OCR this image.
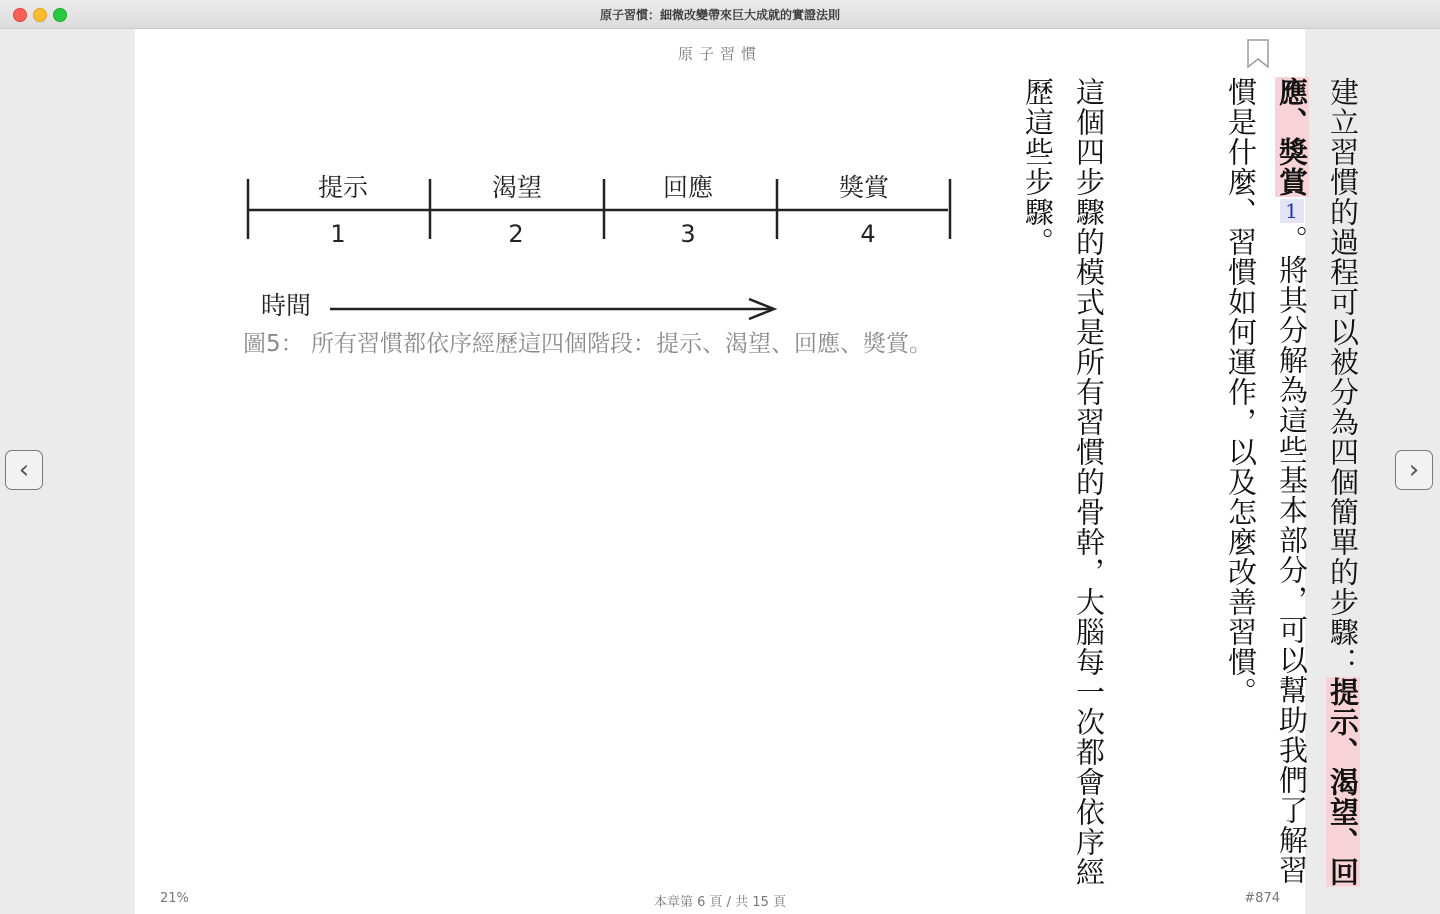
原子習慣：細微改變帶來巨大成就的實證法則
‹	›
原子習慣
提示	渴望	回應	獎賞
1	2	3	4
時間
圖5： 所有習慣都依序經歷這四個階段：提示、渴望、回應、獎賞。	建立習慣的過程可以被分為四個簡單的步驟：提示、渴望、回應、獎賞1。將其分解為這些基本部分，可以幫助我們了解習慣是什麼、習慣如何運作，以及怎麼改善習慣。
這個四步驟的模式是所有習慣的骨幹，大腦每一次都會依序經歷這些步驟。
21%	本章第 6 頁 / 共 15 頁	#874
